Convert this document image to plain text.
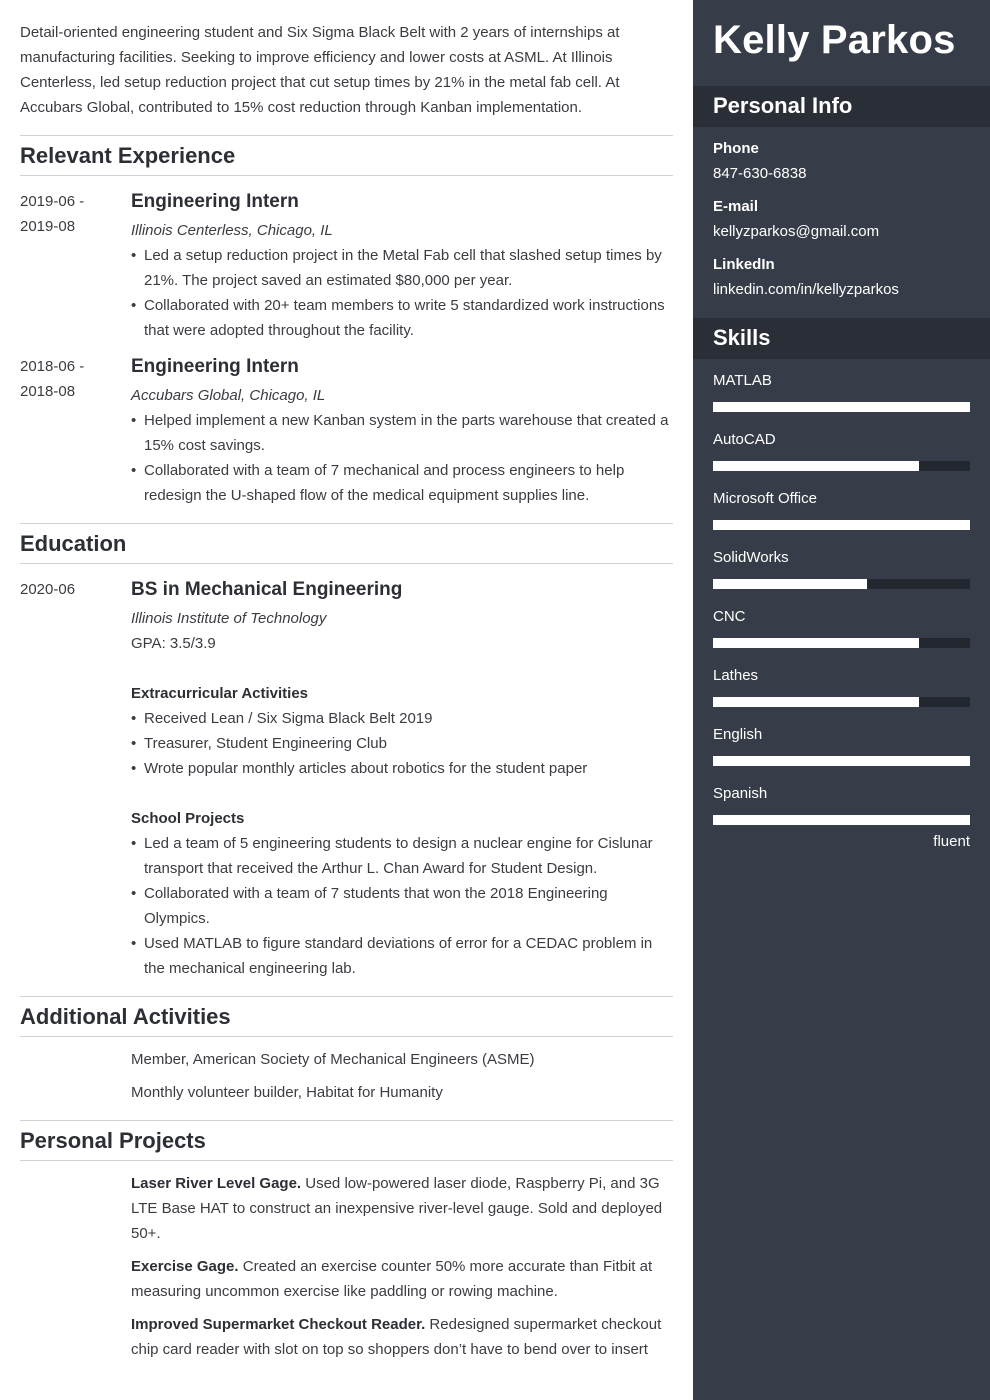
Detail-oriented engineering student and Six Sigma Black Belt with 2 years of internships at manufacturing facilities. Seeking to improve efficiency and lower costs at ASML. At Illinois Centerless, led setup reduction project that cut setup times by 21% in the metal fab cell. At Accubars Global, contributed to 15% cost reduction through Kanban implementation.

Relevant Experience
2019-06 -
2019-08
Engineering Intern
Illinois Centerless, Chicago, IL
• Led a setup reduction project in the Metal Fab cell that slashed setup times by 21%. The project saved an estimated $80,000 per year.
• Collaborated with 20+ team members to write 5 standardized work instructions that were adopted throughout the facility.
2018-06 -
2018-08
Engineering Intern
Accubars Global, Chicago, IL
• Helped implement a new Kanban system in the parts warehouse that created a 15% cost savings.
• Collaborated with a team of 7 mechanical and process engineers to help redesign the U-shaped flow of the medical equipment supplies line.
Education
2020-06	BS in Mechanical Engineering
Illinois Institute of Technology
GPA: 3.5/3.9
Extracurricular Activities
• Received Lean / Six Sigma Black Belt 2019
• Treasurer, Student Engineering Club
• Wrote popular monthly articles about robotics for the student paper
School Projects
• Led a team of 5 engineering students to design a nuclear engine for Cislunar transport that received the Arthur L. Chan Award for Student Design.
• Collaborated with a team of 7 students that won the 2018 Engineering Olympics.
• Used MATLAB to figure standard deviations of error for a CEDAC problem in the mechanical engineering lab.
Additional Activities
Member, American Society of Mechanical Engineers (ASME)
Monthly volunteer builder, Habitat for Humanity
Personal Projects

Laser River Level Gage. Used low-powered laser diode, Raspberry Pi, and 3G LTE Base HAT to construct an inexpensive river-level gauge. Sold and deployed 50+.

Exercise Gage. Created an exercise counter 50% more accurate than Fitbit at measuring uncommon exercise like paddling or rowing machine.

Improved Supermarket Checkout Reader. Redesigned supermarket checkout chip card reader with slot on top so shoppers don’t have to bend over to insert

Kelly Parkos
Personal Info
Phone
847-630-6838
E-mail
kellyzparkos@gmail.com
LinkedIn
linkedin.com/in/kellyzparkos
Skills
MATLAB
AutoCAD
Microsoft Office
SolidWorks
CNC
Lathes
English
Spanish
fluent
